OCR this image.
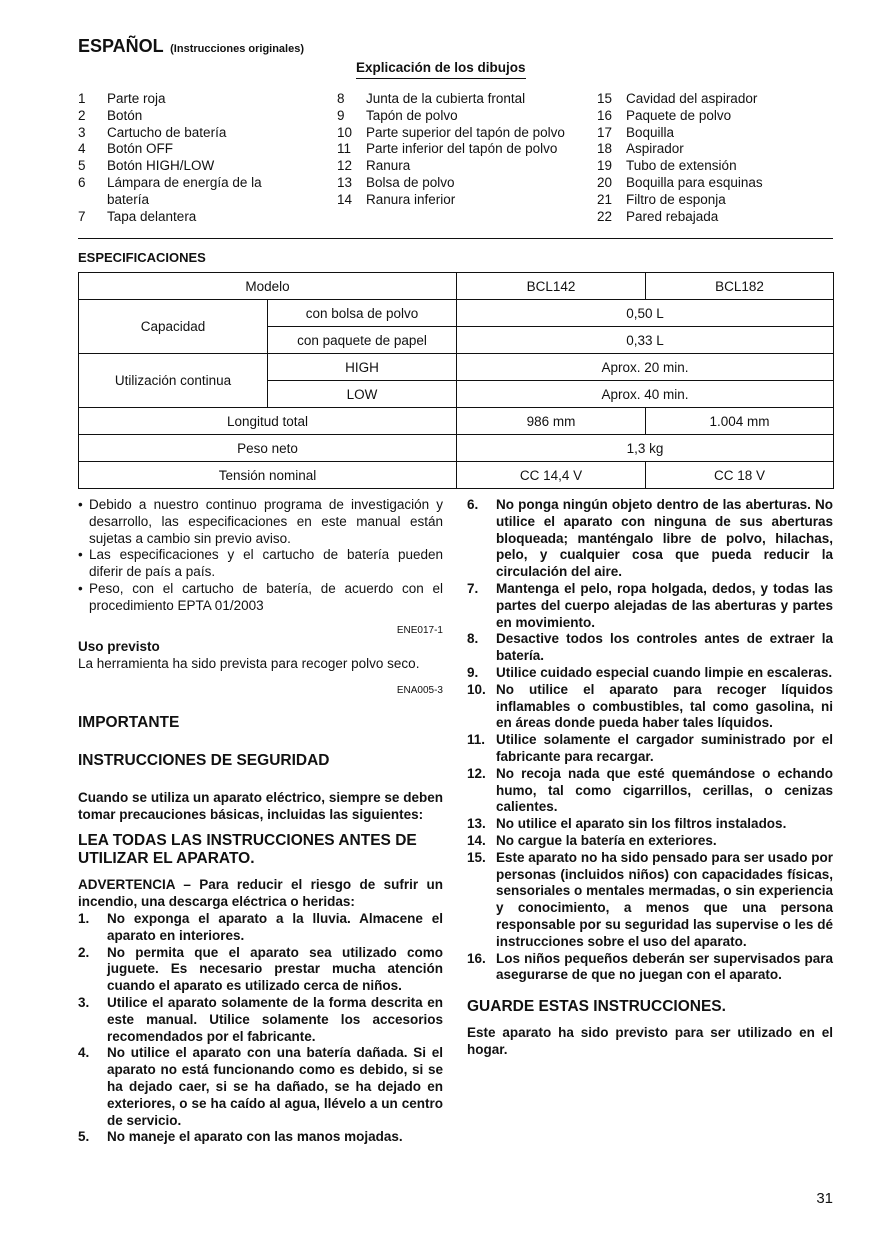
ESPAÑOL (Instrucciones originales)
Explicación de los dibujos
1	Parte roja
2	Botón
3	Cartucho de batería
4	Botón OFF
5	Botón HIGH/LOW
6	Lámpara de energía de la batería
7	Tapa delantera
8	Junta de la cubierta frontal
9	Tapón de polvo
10	Parte superior del tapón de polvo
11	Parte inferior del tapón de polvo
12	Ranura
13	Bolsa de polvo
14	Ranura inferior
15	Cavidad del aspirador
16	Paquete de polvo
17	Boquilla
18	Aspirador
19	Tubo de extensión
20	Boquilla para esquinas
21	Filtro de esponja
22	Pared rebajada
ESPECIFICACIONES
Modelo		BCL142	BCL182
Capacidad	con bolsa de polvo	0,50 L	
	con paquete de papel	0,33 L	
Utilización continua	HIGH	Aprox. 20 min.	
	LOW	Aprox. 40 min.	
Longitud total		986 mm	1.004 mm
Peso neto		1,3 kg	
Tensión nominal		CC 14,4 V	CC 18 V
• Debido a nuestro continuo programa de investigación y desarrollo, las especificaciones en este manual están sujetas a cambio sin previo aviso.
• Las especificaciones y el cartucho de batería pueden diferir de país a país.
• Peso, con el cartucho de batería, de acuerdo con el procedimiento EPTA 01/2003
ENE017-1
Uso previsto
La herramienta ha sido prevista para recoger polvo seco.
ENA005-3
IMPORTANTE
INSTRUCCIONES DE SEGURIDAD
Cuando se utiliza un aparato eléctrico, siempre se deben tomar precauciones básicas, incluidas las siguientes:
LEA TODAS LAS INSTRUCCIONES ANTES DE UTILIZAR EL APARATO.
ADVERTENCIA – Para reducir el riesgo de sufrir un incendio, una descarga eléctrica o heridas:
1.	No exponga el aparato a la lluvia. Almacene el aparato en interiores.
2.	No permita que el aparato sea utilizado como juguete. Es necesario prestar mucha atención cuando el aparato es utilizado cerca de niños.
3.	Utilice el aparato solamente de la forma descrita en este manual. Utilice solamente los accesorios recomendados por el fabricante.
4.	No utilice el aparato con una batería dañada. Si el aparato no está funcionando como es debido, si se ha dejado caer, si se ha dañado, se ha dejado en exteriores, o se ha caído al agua, llévelo a un centro de servicio.
5.	No maneje el aparato con las manos mojadas.
6.	No ponga ningún objeto dentro de las aberturas. No utilice el aparato con ninguna de sus aberturas bloqueada; manténgalo libre de polvo, hilachas, pelo, y cualquier cosa que pueda reducir la circulación del aire.
7.	Mantenga el pelo, ropa holgada, dedos, y todas las partes del cuerpo alejadas de las aberturas y partes en movimiento.
8.	Desactive todos los controles antes de extraer la batería.
9.	Utilice cuidado especial cuando limpie en escaleras.
10. No utilice el aparato para recoger líquidos inflamables o combustibles, tal como gasolina, ni en áreas donde pueda haber tales líquidos.
11. Utilice solamente el cargador suministrado por el fabricante para recargar.
12. No recoja nada que esté quemándose o echando humo, tal como cigarrillos, cerillas, o cenizas calientes.
13. No utilice el aparato sin los filtros instalados.
14. No cargue la batería en exteriores.
15. Este aparato no ha sido pensado para ser usado por personas (incluidos niños) con capacidades físicas, sensoriales o mentales mermadas, o sin experiencia y conocimiento, a menos que una persona responsable por su seguridad las supervise o les dé instrucciones sobre el uso del aparato.
16. Los niños pequeños deberán ser supervisados para asegurarse de que no juegan con el aparato.
GUARDE ESTAS INSTRUCCIONES.
Este aparato ha sido previsto para ser utilizado en el hogar.
31
